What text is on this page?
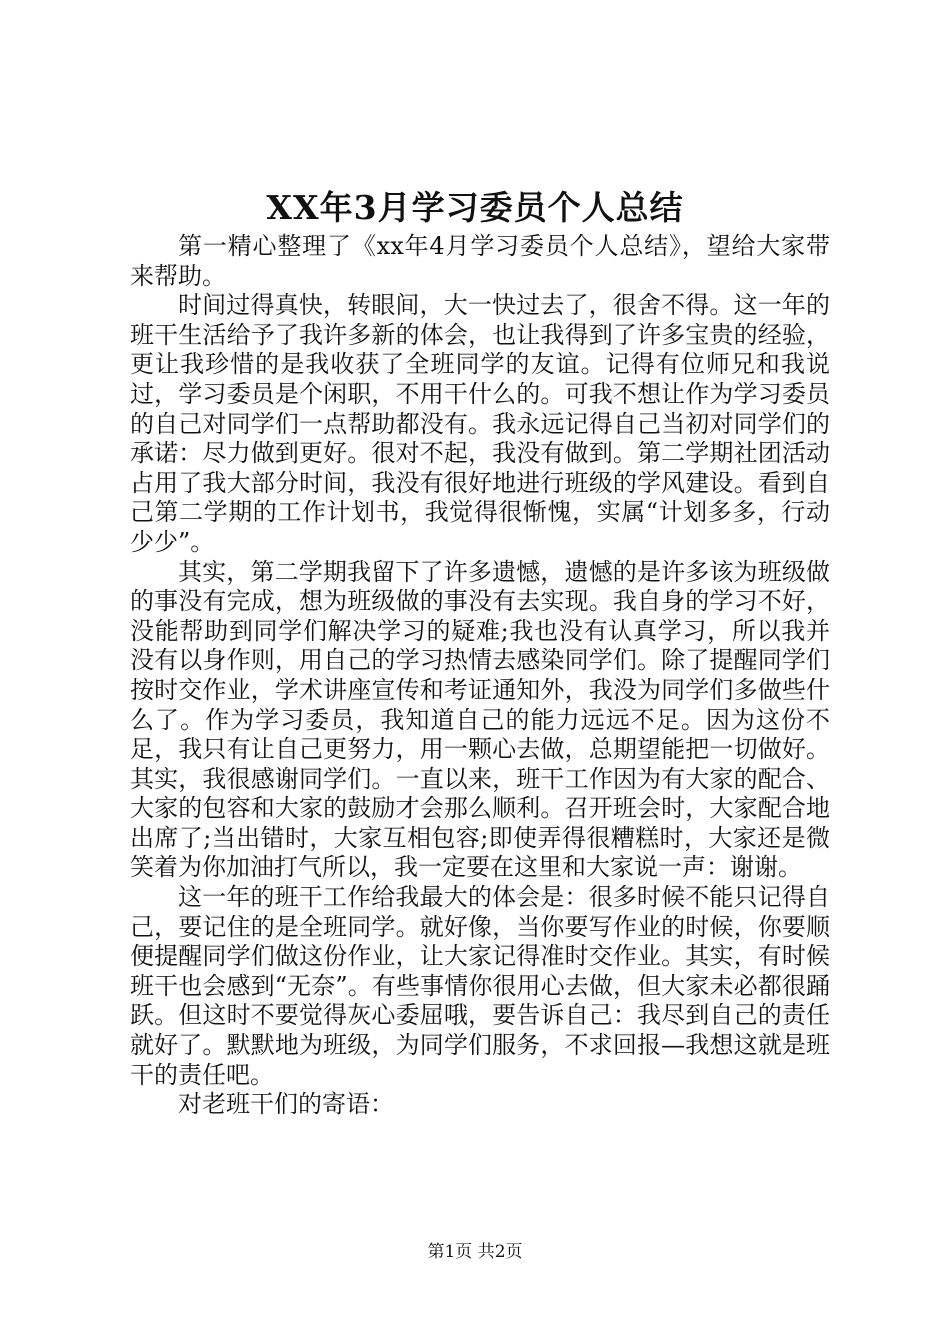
XX年3月学习委员个人总结

第一精心整理了《xx年4月学习委员个人总结》，望给大家带来帮助。

时间过得真快，转眼间，大一快过去了，很舍不得。这一年的班干生活给予了我许多新的体会，也让我得到了许多宝贵的经验，更让我珍惜的是我收获了全班同学的友谊。记得有位师兄和我说过，学习委员是个闲职，不用干什么的。可我不想让作为学习委员的自己对同学们一点帮助都没有。我永远记得自己当初对同学们的承诺：尽力做到更好。很对不起，我没有做到。第二学期社团活动占用了我大部分时间，我没有很好地进行班级的学风建设。看到自己第二学期的工作计划书，我觉得很惭愧，实属“计划多多，行动少少”。

其实，第二学期我留下了许多遗憾，遗憾的是许多该为班级做的事没有完成，想为班级做的事没有去实现。我自身的学习不好，没能帮助到同学们解决学习的疑难;我也没有认真学习，所以我并没有以身作则，用自己的学习热情去感染同学们。除了提醒同学们按时交作业，学术讲座宣传和考证通知外，我没为同学们多做些什么了。作为学习委员，我知道自己的能力远远不足。因为这份不足，我只有让自己更努力，用一颗心去做，总期望能把一切做好。其实，我很感谢同学们。一直以来，班干工作因为有大家的配合、大家的包容和大家的鼓励才会那么顺利。召开班会时，大家配合地出席了;当出错时，大家互相包容;即使弄得很糟糕时，大家还是微笑着为你加油打气所以，我一定要在这里和大家说一声：谢谢。

这一年的班干工作给我最大的体会是：很多时候不能只记得自己，要记住的是全班同学。就好像，当你要写作业的时候，你要顺便提醒同学们做这份作业，让大家记得准时交作业。其实，有时候班干也会感到“无奈”。有些事情你很用心去做，但大家未必都很踊跃。但这时不要觉得灰心委屈哦，要告诉自己：我尽到自己的责任就好了。默默地为班级，为同学们服务，不求回报—我想这就是班干的责任吧。

对老班干们的寄语：

第1页 共2页
